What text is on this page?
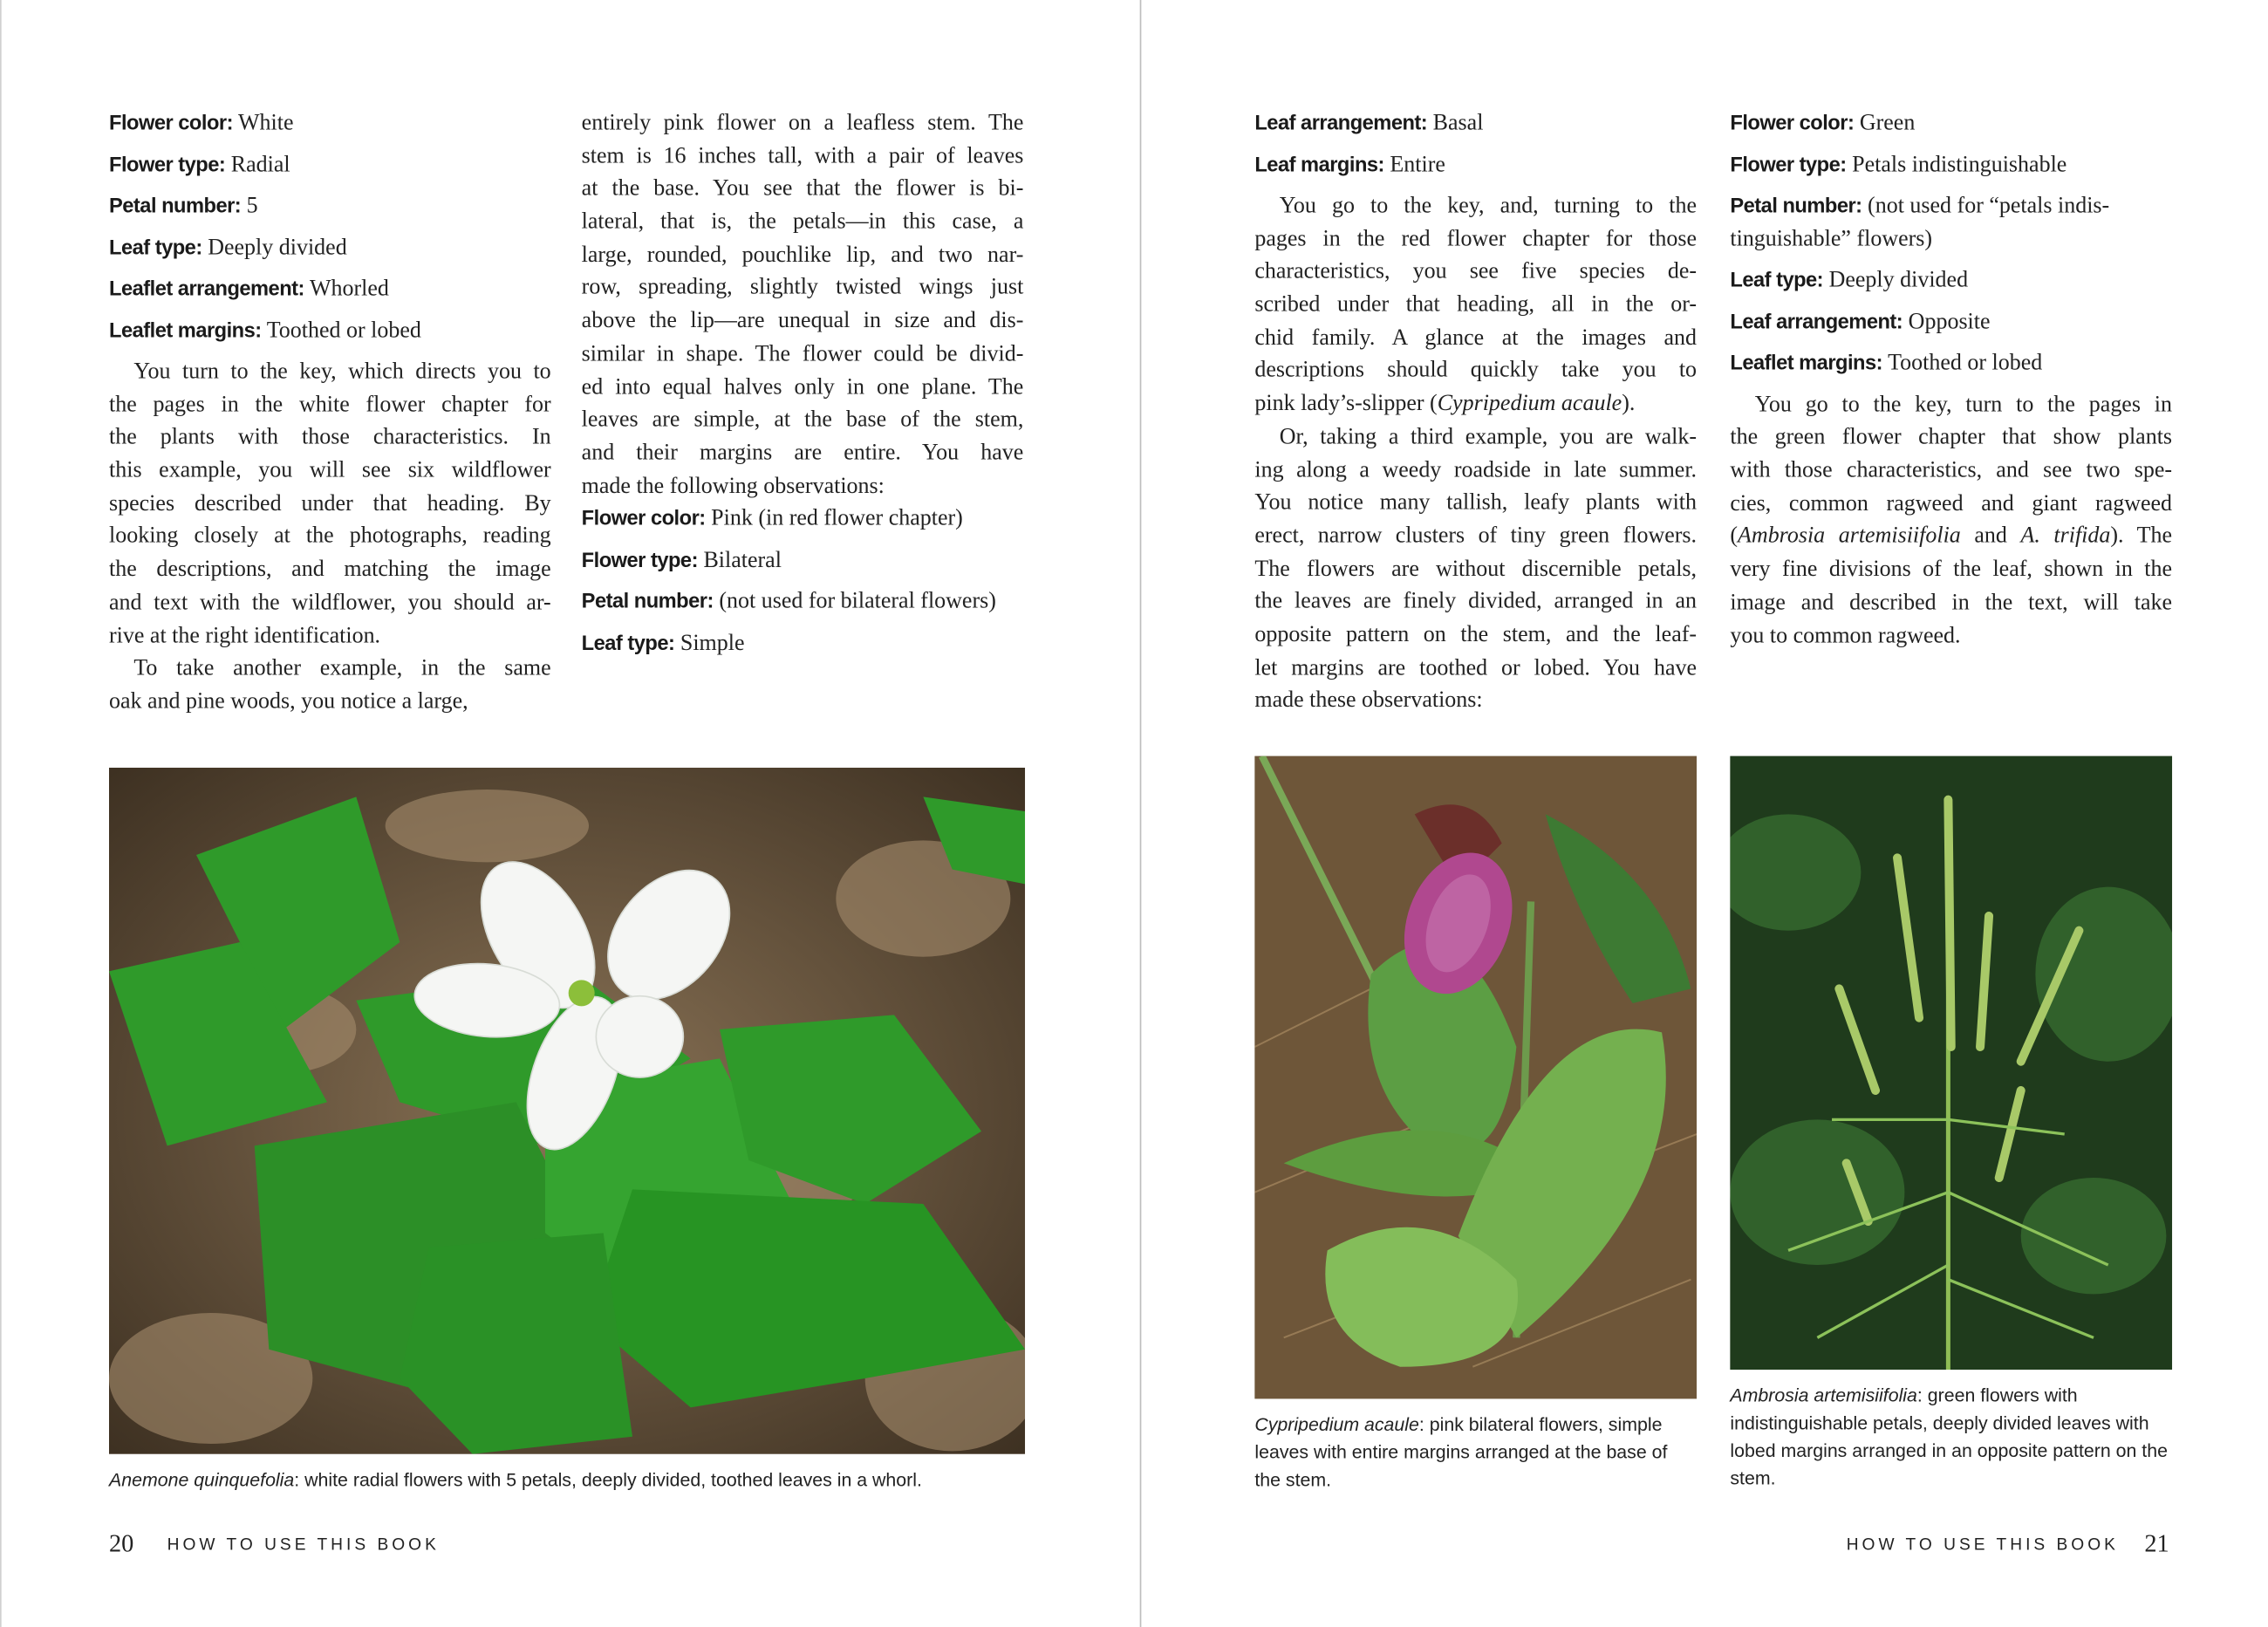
Flower color: White
Flower type: Radial
Petal number: 5
Leaf type: Deeply divided
Leaflet arrangement: Whorled
Leaflet margins: Toothed or lobed
You turn to the key, which directs you to
the pages in the white flower chapter for
the plants with those characteristics. In
this example, you will see six wildflower
species described under that heading. By
looking closely at the photographs, reading
the descriptions, and matching the image
and text with the wildflower, you should ar-
rive at the right identification.
To take another example, in the same
oak and pine woods, you notice a large,
entirely pink flower on a leafless stem. The
stem is 16 inches tall, with a pair of leaves
at the base. You see that the flower is bi-
lateral, that is, the petals—in this case, a
large, rounded, pouchlike lip, and two nar-
row, spreading, slightly twisted wings just
above the lip—are unequal in size and dis-
similar in shape. The flower could be divid-
ed into equal halves only in one plane. The
leaves are simple, at the base of the stem,
and their margins are entire. You have
made the following observations:
Flower color: Pink (in red flower chapter)
Flower type: Bilateral
Petal number: (not used for bilateral flowers)
Leaf type: Simple
Anemone quinquefolia: white radial flowers with 5 petals, deeply divided, toothed leaves in a whorl.
20	HOW TO USE THIS BOOK
Leaf arrangement: Basal
Leaf margins: Entire
You go to the key, and, turning to the
pages in the red flower chapter for those
characteristics, you see five species de-
scribed under that heading, all in the or-
chid family. A glance at the images and
descriptions should quickly take you to
pink lady’s-slipper (Cypripedium acaule).
Or, taking a third example, you are walk-
ing along a weedy roadside in late summer.
You notice many tallish, leafy plants with
erect, narrow clusters of tiny green flowers.
The flowers are without discernible petals,
the leaves are finely divided, arranged in an
opposite pattern on the stem, and the leaf-
let margins are toothed or lobed. You have
made these observations:
Flower color: Green
Flower type: Petals indistinguishable
Petal number: (not used for “petals indis-tinguishable” flowers)
Leaf type: Deeply divided
Leaf arrangement: Opposite
Leaflet margins: Toothed or lobed
You go to the key, turn to the pages in
the green flower chapter that show plants
with those characteristics, and see two spe-
cies, common ragweed and giant ragweed
(Ambrosia artemisiifolia and A. trifida). The
very fine divisions of the leaf, shown in the
image and described in the text, will take
you to common ragweed.
Cypripedium acaule: pink bilateral flowers, simple leaves with entire margins arranged at the base of the stem.
Ambrosia artemisiifolia: green flowers with indistinguishable petals, deeply divided leaves with lobed margins arranged in an opposite pattern on the stem.
HOW TO USE THIS BOOK 21
